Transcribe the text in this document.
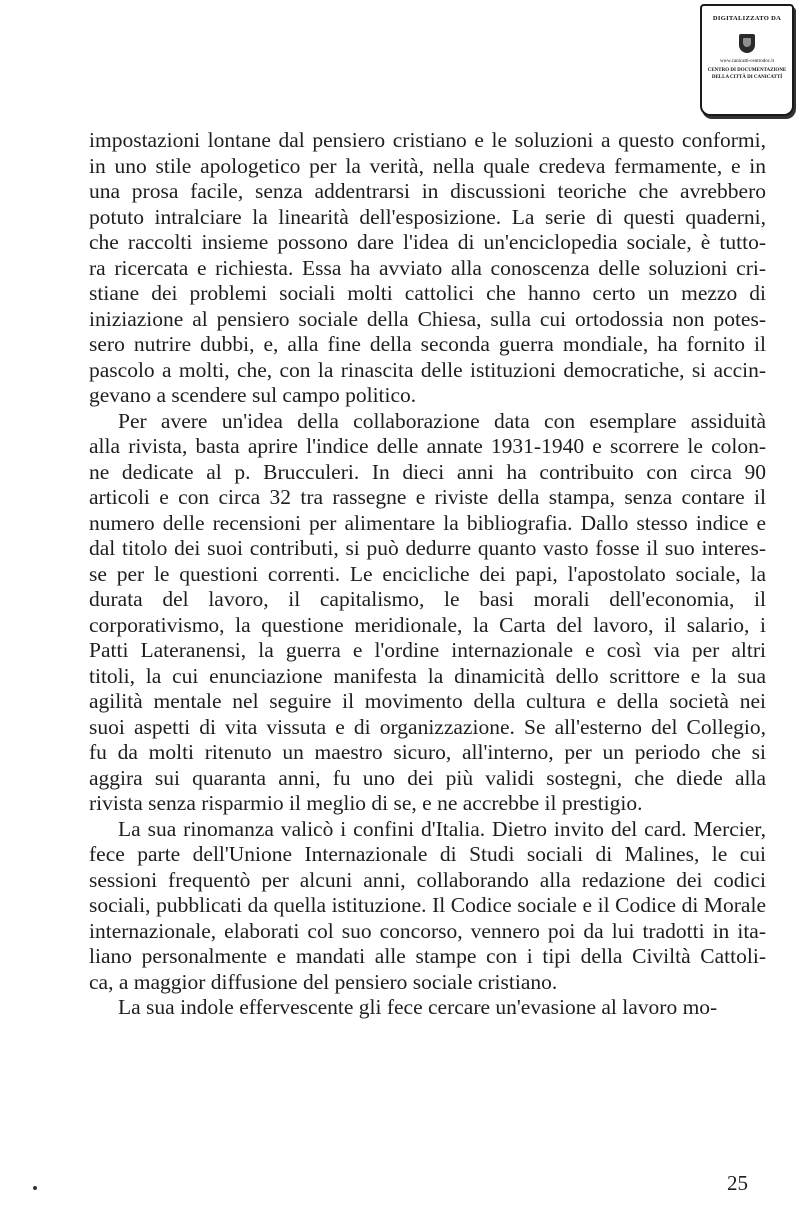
DIGITALIZZATO DA
www.canicatti-centrodoc.it
CENTRO DI DOCUMENTAZIONE
DELLA CITTÀ DI CANICATTÌ
impostazioni lontane dal pensiero cristiano e le soluzioni a questo conformi,
in uno stile apologetico per la verità, nella quale credeva fermamente, e in
una prosa facile, senza addentrarsi in discussioni teoriche che avrebbero
potuto intralciare la linearità dell'esposizione. La serie di questi quaderni,
che raccolti insieme possono dare l'idea di un'enciclopedia sociale, è tutto-
ra ricercata e richiesta. Essa ha avviato alla conoscenza delle soluzioni cri-
stiane dei problemi sociali molti cattolici che hanno certo un mezzo di
iniziazione al pensiero sociale della Chiesa, sulla cui ortodossia non potes-
sero nutrire dubbi, e, alla fine della seconda guerra mondiale, ha fornito il
pascolo a molti, che, con la rinascita delle istituzioni democratiche, si accin-
gevano a scendere sul campo politico.
Per avere un'idea della collaborazione data con esemplare assiduità
alla rivista, basta aprire l'indice delle annate 1931-1940 e scorrere le colon-
ne dedicate al p. Brucculeri. In dieci anni ha contribuito con circa 90
articoli e con circa 32 tra rassegne e riviste della stampa, senza contare il
numero delle recensioni per alimentare la bibliografia. Dallo stesso indice e
dal titolo dei suoi contributi, si può dedurre quanto vasto fosse il suo interes-
se per le questioni correnti. Le encicliche dei papi, l'apostolato sociale, la
durata del lavoro, il capitalismo, le basi morali dell'economia, il
corporativismo, la questione meridionale, la Carta del lavoro, il salario, i
Patti Lateranensi, la guerra e l'ordine internazionale e così via per altri
titoli, la cui enunciazione manifesta la dinamicità dello scrittore e la sua
agilità mentale nel seguire il movimento della cultura e della società nei
suoi aspetti di vita vissuta e di organizzazione. Se all'esterno del Collegio,
fu da molti ritenuto un maestro sicuro, all'interno, per un periodo che si
aggira sui quaranta anni, fu uno dei più validi sostegni, che diede alla
rivista senza risparmio il meglio di se, e ne accrebbe il prestigio.
La sua rinomanza valicò i confini d'Italia. Dietro invito del card. Mercier,
fece parte dell'Unione Internazionale di Studi sociali di Malines, le cui
sessioni frequentò per alcuni anni, collaborando alla redazione dei codici
sociali, pubblicati da quella istituzione. Il Codice sociale e il Codice di Morale
internazionale, elaborati col suo concorso, vennero poi da lui tradotti in ita-
liano personalmente e mandati alle stampe con i tipi della Civiltà Cattoli-
ca, a maggior diffusione del pensiero sociale cristiano.
La sua indole effervescente gli fece cercare un'evasione al lavoro mo-
25
